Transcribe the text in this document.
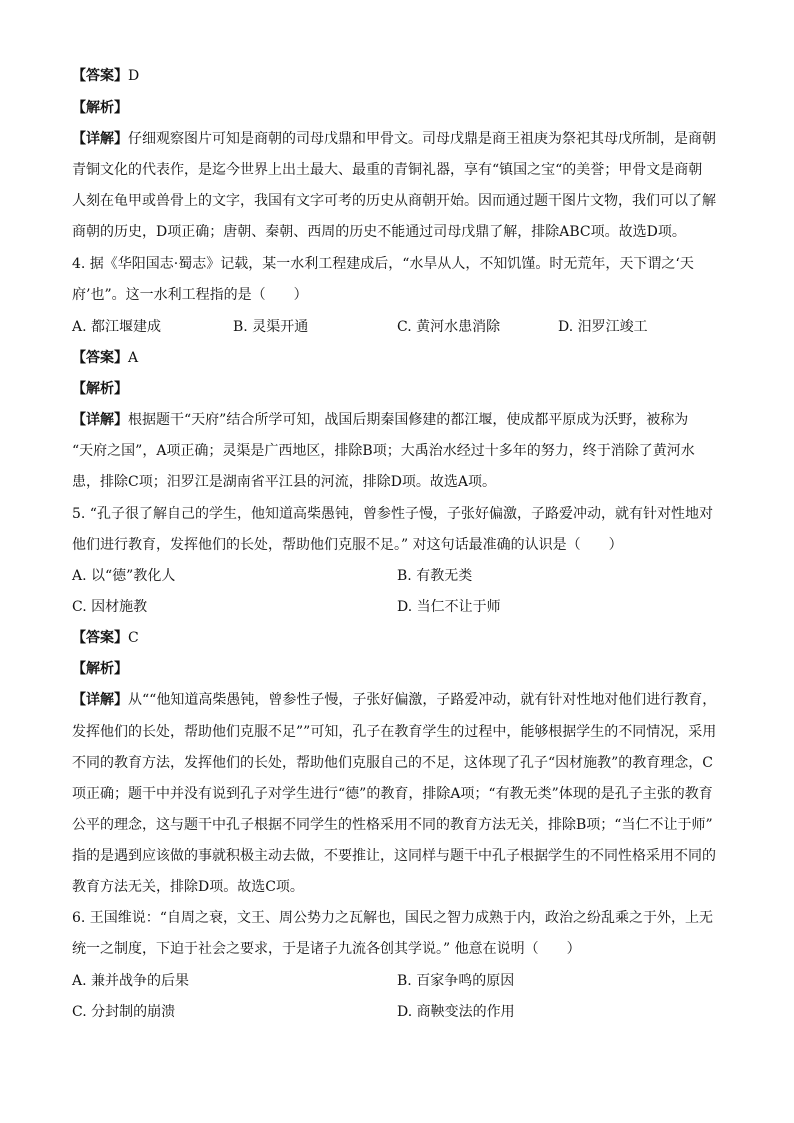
【答案】D
【解析】
【详解】仔细观察图片可知是商朝的司母戊鼎和甲骨文。司母戊鼎是商王祖庚为祭祀其母戊所制，是商朝
青铜文化的代表作，是迄今世界上出土最大、最重的青铜礼器，享有“镇国之宝“的美誉；甲骨文是商朝
人刻在龟甲或兽骨上的文字，我国有文字可考的历史从商朝开始。因而通过题干图片文物，我们可以了解
商朝的历史，D项正确；唐朝、秦朝、西周的历史不能通过司母戊鼎了解，排除ABC项。故选D项。
4. 据《华阳国志·蜀志》记载，某一水利工程建成后，“水旱从人，不知饥馑。时无荒年，天下谓之‘天
府’也”。这一水利工程指的是（　　）
A. 都江堰建成	B. 灵渠开通	C. 黄河水患消除	D. 汨罗江竣工
【答案】A
【解析】
【详解】根据题干“天府”结合所学可知，战国后期秦国修建的都江堰，使成都平原成为沃野，被称为
“天府之国”，A项正确；灵渠是广西地区，排除B项；大禹治水经过十多年的努力，终于消除了黄河水
患，排除C项；汨罗江是湖南省平江县的河流，排除D项。故选A项。
5. “孔子很了解自己的学生，他知道高柴愚钝，曾参性子慢，子张好偏激，子路爱冲动，就有针对性地对
他们进行教育，发挥他们的长处，帮助他们克服不足。” 对这句话最准确的认识是（　　）
A. 以“德”教化人	B. 有教无类
C. 因材施教	D. 当仁不让于师
【答案】C
【解析】
【详解】从““他知道高柴愚钝，曾参性子慢，子张好偏激，子路爱冲动，就有针对性地对他们进行教育，
发挥他们的长处，帮助他们克服不足””可知，孔子在教育学生的过程中，能够根据学生的不同情况，采用
不同的教育方法，发挥他们的长处，帮助他们克服自己的不足，这体现了孔子“因材施教”的教育理念，C
项正确；题干中并没有说到孔子对学生进行“德”的教育，排除A项；“有教无类”体现的是孔子主张的教育
公平的理念，这与题干中孔子根据不同学生的性格采用不同的教育方法无关，排除B项；“当仁不让于师”
指的是遇到应该做的事就积极主动去做，不要推让，这同样与题干中孔子根据学生的不同性格采用不同的
教育方法无关，排除D项。故选C项。
6. 王国维说：“自周之衰，文王、周公势力之瓦解也，国民之智力成熟于内，政治之纷乱乘之于外，上无
统一之制度，下迫于社会之要求，于是诸子九流各创其学说。” 他意在说明（　　）
A. 兼并战争的后果	B. 百家争鸣的原因
C. 分封制的崩溃	D. 商鞅变法的作用
